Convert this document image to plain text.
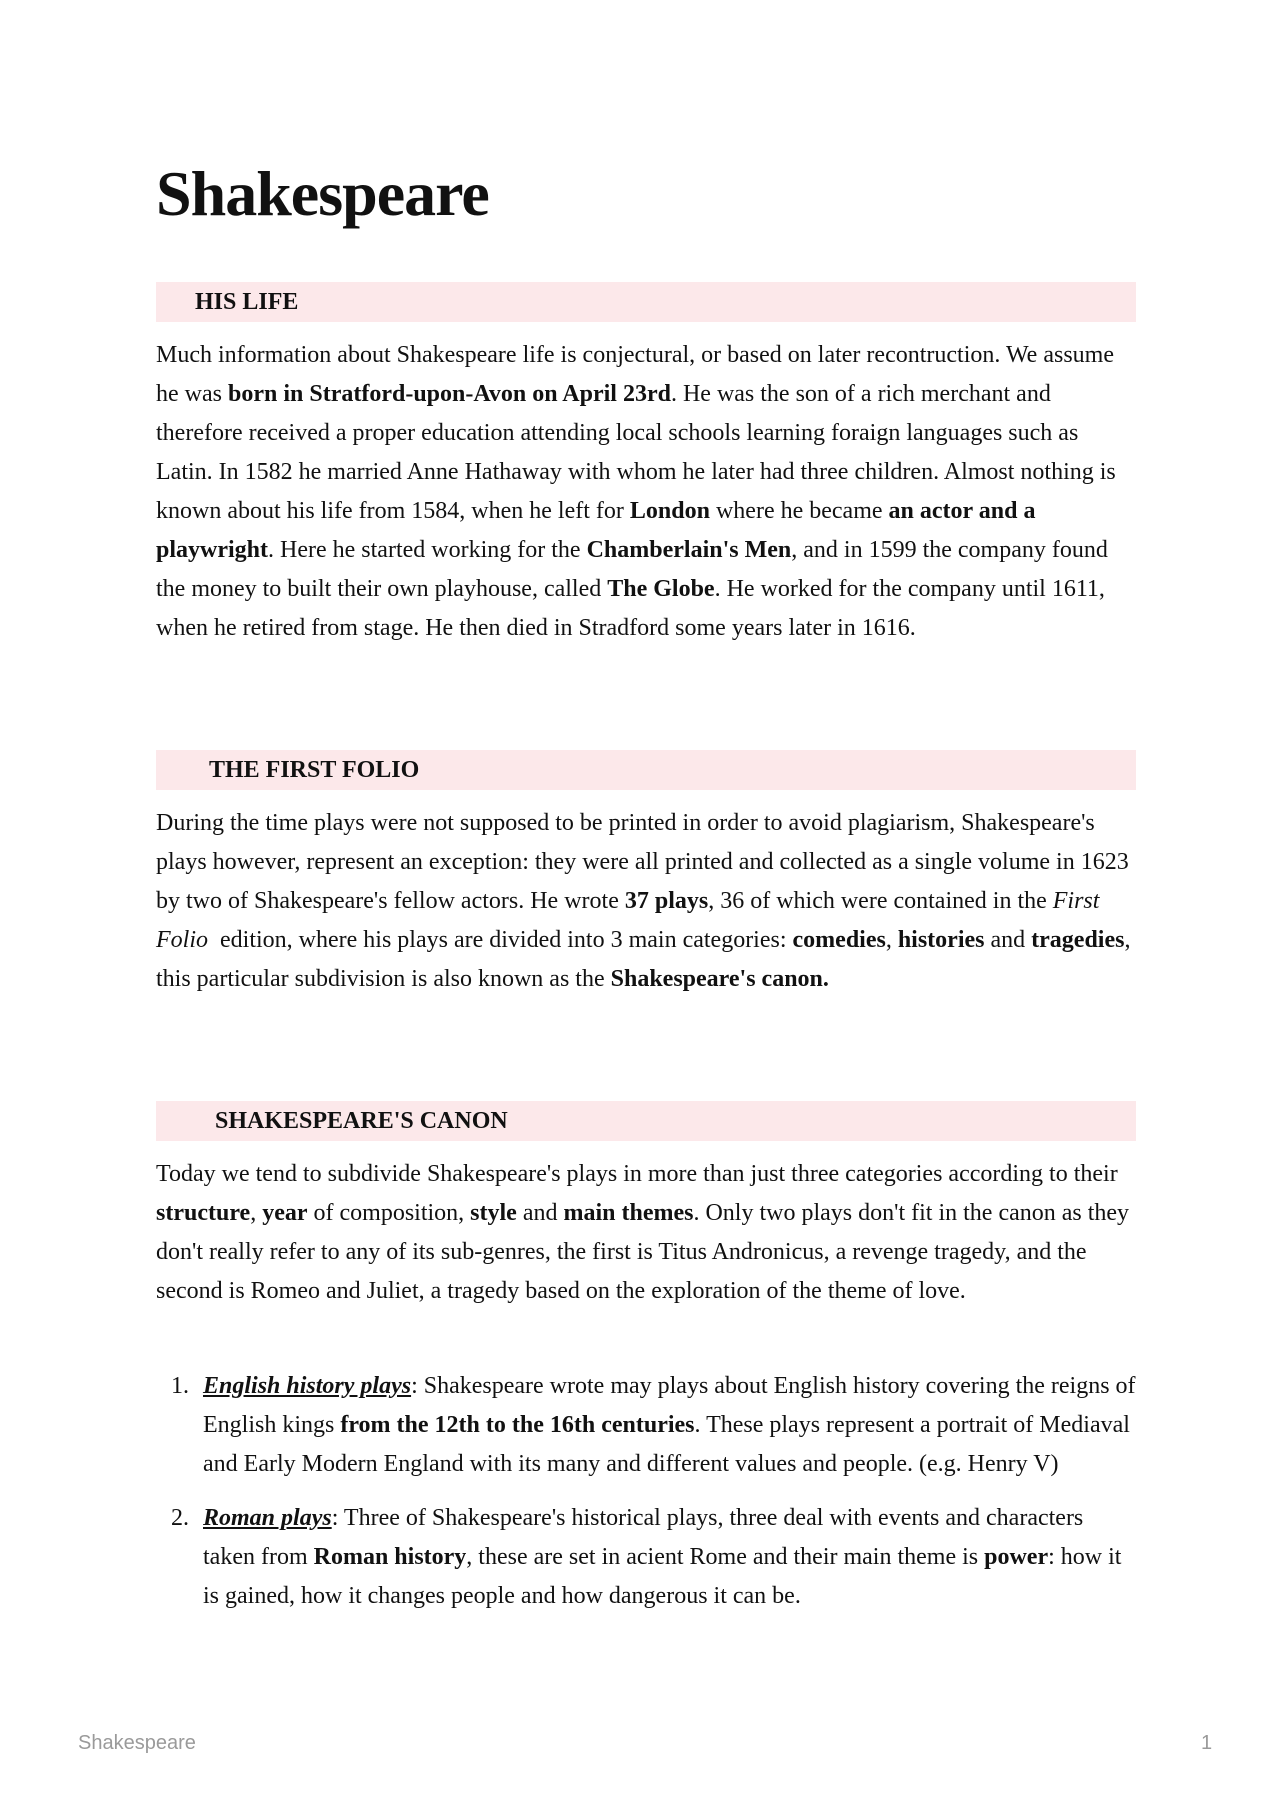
Shakespeare
HIS LIFE

Much information about Shakespeare life is conjectural, or based on later recontruction. We assume he was born in Stratford-upon-Avon on April 23rd. He was the son of a rich merchant and therefore received a proper education attending local schools learning foraign languages such as Latin. In 1582 he married Anne Hathaway with whom he later had three children. Almost nothing is known about his life from 1584, when he left for London where he became an actor and a playwright. Here he started working for the Chamberlain's Men, and in 1599 the company found the money to built their own playhouse, called The Globe. He worked for the company until 1611, when he retired from stage. He then died in Stradford some years later in 1616.

THE FIRST FOLIO

During the time plays were not supposed to be printed in order to avoid plagiarism, Shakespeare's plays however, represent an exception: they were all printed and collected as a single volume in 1623 by two of Shakespeare's fellow actors. He wrote 37 plays, 36 of which were contained in the First Folio  edition, where his plays are divided into 3 main categories: comedies, histories and tragedies, this particular subdivision is also known as the Shakespeare's canon.

SHAKESPEARE'S CANON

Today we tend to subdivide Shakespeare's plays in more than just three categories according to their structure, year of composition, style and main themes. Only two plays don't fit in the canon as they don't really refer to any of its sub-genres, the first is Titus Andronicus, a revenge tragedy, and the second is Romeo and Juliet, a tragedy based on the exploration of the theme of love.

1. English history plays: Shakespeare wrote may plays about English history covering the reigns of English kings from the 12th to the 16th centuries. These plays represent a portrait of Mediaval and Early Modern England with its many and different values and people. (e.g. Henry V)
2. Roman plays: Three of Shakespeare's historical plays, three deal with events and characters taken from Roman history, these are set in acient Rome and their main theme is power: how it is gained, how it changes people and how dangerous it can be.
Shakespeare	1
